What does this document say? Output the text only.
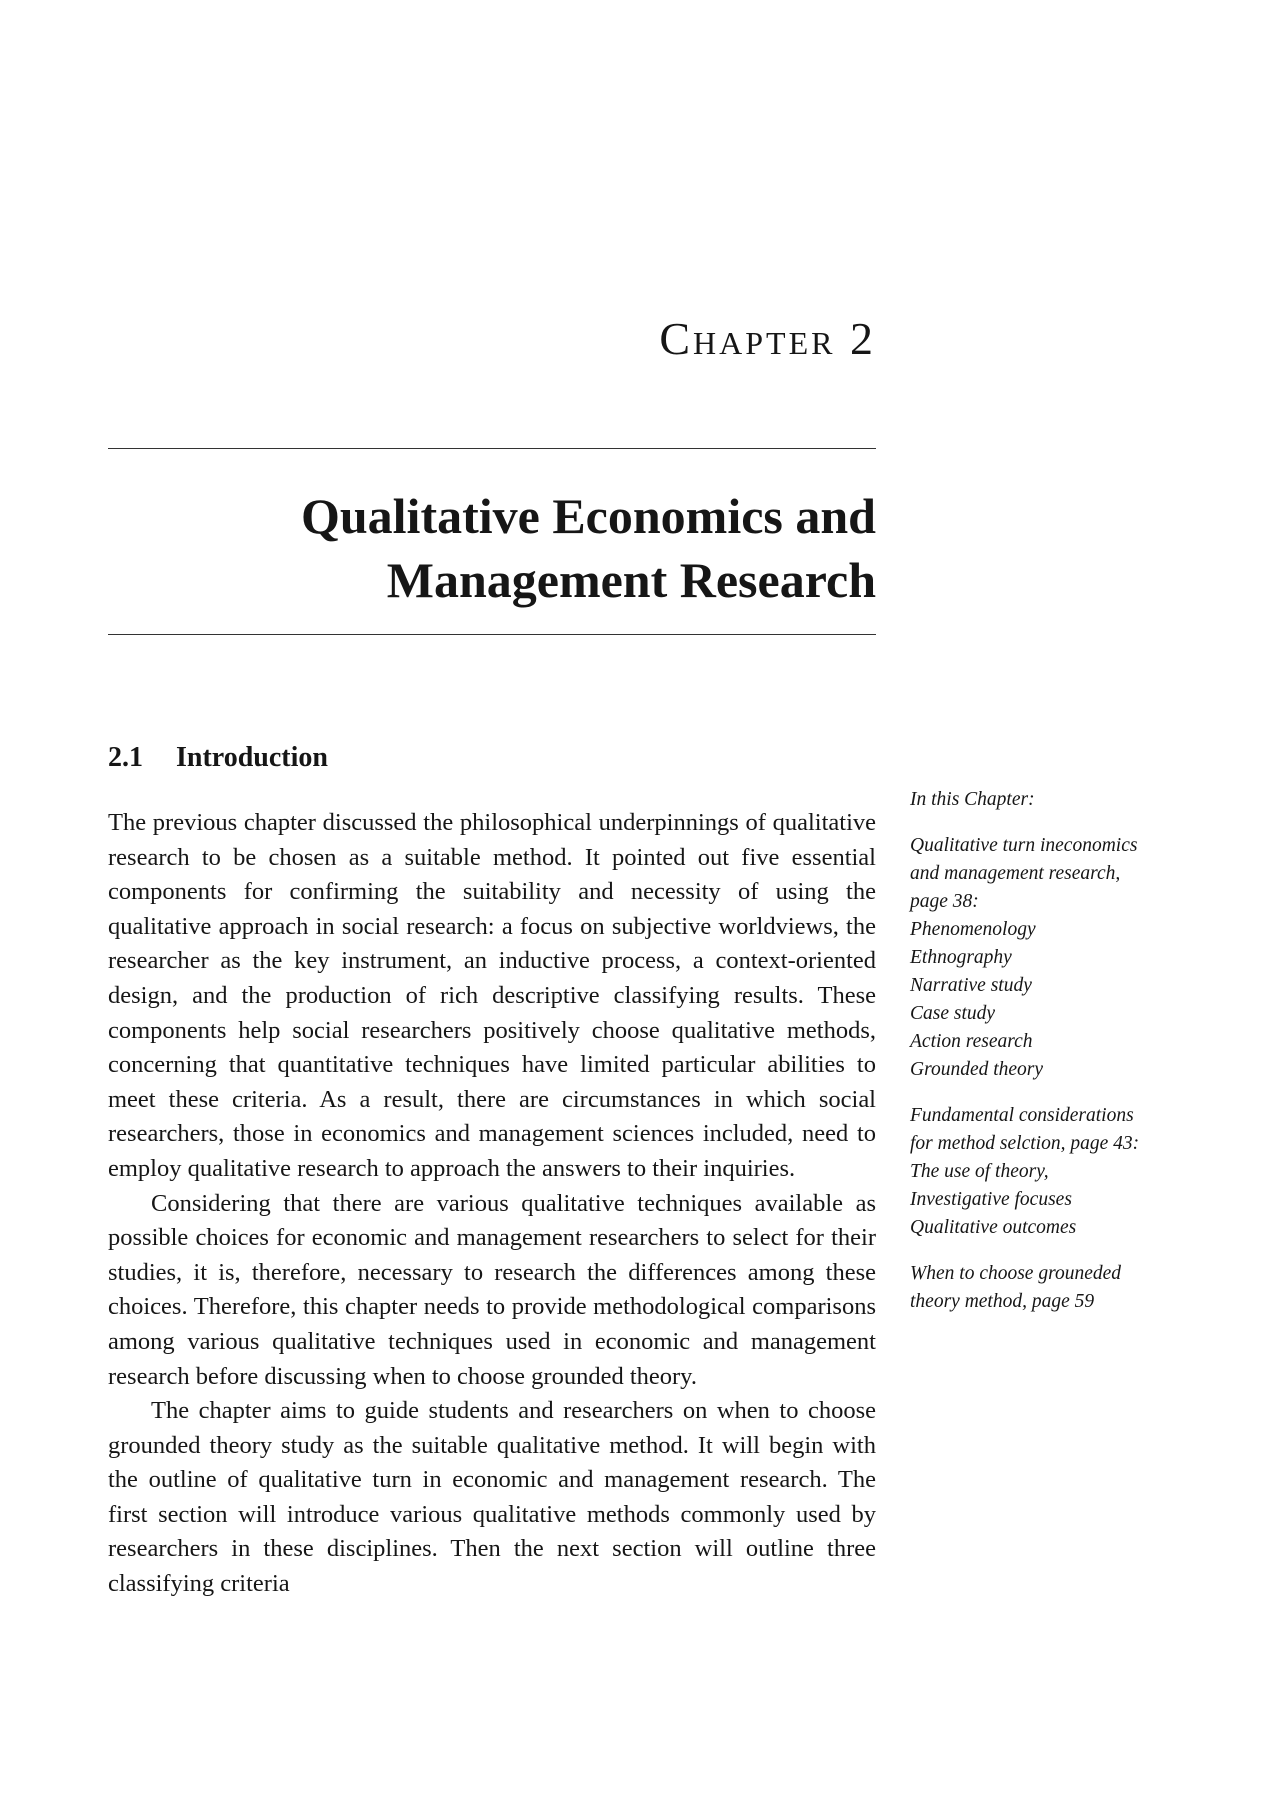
Chapter 2
Qualitative Economics and
Management Research
2.1 Introduction

The previous chapter discussed the philosophical underpinnings of qualitative research to be chosen as a suitable method. It pointed out five essential components for confirming the suitability and necessity of using the qualitative approach in social research: a focus on subjective worldviews, the researcher as the key instrument, an inductive process, a context-oriented design, and the production of rich descriptive classifying results. These components help social researchers positively choose qualitative methods, concerning that quantitative techniques have limited particular abilities to meet these criteria. As a result, there are circumstances in which social researchers, those in economics and management sciences included, need to employ qualitative research to approach the answers to their inquiries.

Considering that there are various qualitative techniques available as possible choices for economic and management researchers to select for their studies, it is, therefore, necessary to research the differences among these choices. Therefore, this chapter needs to provide methodological comparisons among various qualitative techniques used in economic and management research before discussing when to choose grounded theory.

The chapter aims to guide students and researchers on when to choose grounded theory study as the suitable qualitative method. It will begin with the outline of qualitative turn in economic and management research. The first section will introduce various qualitative methods commonly used by researchers in these disciplines. Then the next section will outline three classifying criteria

In this Chapter:
Qualitative turn ineconomics
and management research,
page 38:
Phenomenology
Ethnography
Narrative study
Case study
Action research
Grounded theory
Fundamental considerations
for method selction, page 43:
The use of theory,
Investigative focuses
Qualitative outcomes
When to choose grouneded
theory method, page 59
